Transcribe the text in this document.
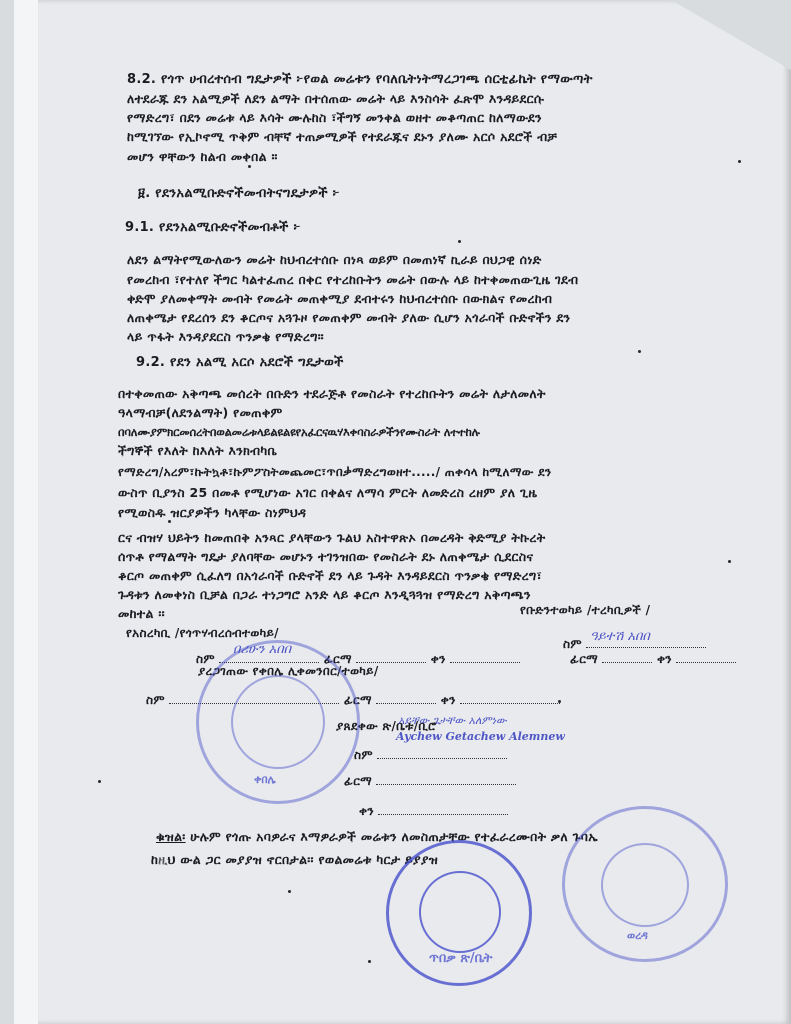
8.2. የጎጥ ሀብረተሰብ ግዴታዎች ፦የወል መሬቱን የባለቤትነትማረጋገጫ ሰርቲፊኬት የማውጣት
ለተደራጁ ደን አልሚዎች ለደን ልማት በተሰጠው መሬት ላይ እንስሳት ፈጽሞ እንዳይደርሱ
የማድረግ፣ በደን መሬቱ ላይ እሳት ሙሉከስ ፣ችግኝ መንቀል ወዘተ መቆጣጠር ከለማውደን
ከሚገኘው የኢኮኖሚ ጥቅም ብቸኛ ተጠቃሚዎች የተደራጁና ደኑን ያለሙ አርሶ አደሮች ብቻ
መሆን ዋቸውን ከልብ መቀበል ።
፱. የደንአልሚቡድኖችመብትናግዴታዎች ፦
9.1. የደንአልሚቡድኖችመብቶች ፦
ለደን ልማትየሚውለውን መሬት ከህብረተሰቡ በነጻ ወይም በመጠነኛ ኪራይ በህጋዊ ሰነድ
የመረከብ ፣የተለየ ችግር ካልተፈጠረ በቀር የተረከቡትን መሬት በውሉ ላይ ከተቀመጠውጊዜ ገደብ
ቀድሞ ያለመቀማት መብት የመሬት መጠቀሚያ ደብተሩን ከህብረተሰቡ በውክልና የመረከብ
ለጠቀሜታ የደረሰን ደን ቆርጦና አጓጉዞ የመጠቀም መብት ያለው ሲሆን አጎራባች ቡድኖችን ደን
ላይ ጥፋት እንዳያደርስ ጥንቃቄ የማድረግ።
9.2. የደን አልሚ አርሶ አደሮች ግዴታወች
በተቀመጠው አቅጣጫ መሰረት በቡድን ተደራጅቶ የመስራት የተረከቡትን መሬት ለታለመለት
ዓላማብቻ(ለደንልማት) የመጠቀም
በባለሙያምክርመሰረትበወልመሬቱላይልዩልዩየአፈርናዉሃእቀባስራዎችንየሙስራት ለተተከሉ
ችግኞች የእለት ከእለት እንክብካቤ
የማድረግ/አረም፣ኩትኳቶ፣ኩምፖስትመጨመር፣ጥበቃማድረግወዘተ...../ ጠቀሳላ ከሚለማው ደን
ውስጥ ቢያንስ 25 በመቶ የሚሆነው አገር በቀልና ለማሳ ምርት ለመድረስ ረዘም ያለ ጊዜ
የሚወስዱ ዝርያዎችን ካላቸው ስነምህዳ
ርና ብዝሃ ህይትን ከመጠበቅ አንጻር ያላቸውን ጉልህ አስተዋጽኦ በመረዳት ቅድሚያ ትኩረት
ሰጥቶ የማልማት ግዴታ ያለባቸው መሆኑን ተገንዝበው የመስራት ደኑ ለጠቀሜታ ሲደርስና
ቆርጦ መጠቀም ሲፈለግ በአጎራባች ቡድኖች ደን ላይ ጉዳት እንዳይደርስ ጥንቃቄ የማድረግ፣
ጉዳቱን ለመቀነስ ቢቻል በጋራ ተነጋግሮ አንድ ላይ ቆርጦ እንዲጓጓዝ የማድረግ አቅጣጫን
መከተል ፡፡
የአስረካቢ /የጎጥሃብረሰብተወካይ/
ስም	ፊርማ	ቀን
በሪሁን አበበ
ያረጋገጠው የቀበሌ ሊቀመንበር/ተወካይ/
ስም	ፊርማ	ቀን
የቡድንተወካይ /ተረካቢዎች /
ስም ዓይተሽ አበበ
ፊርማ	ቀን
ያጸደቀው ጽ/ቤቱ/ቢሮ
አይቸው ጌታቸው አለምነው
Aychew Getachew Alemnew
ስም
ፊርማ
ቀን
ቁዝል፡ ሁሉም የጎጡ አባዎራና እማዎራዎች መሬቱን ለመስጠታቸው የተፈራረሙበት ቃለ ጉባኤ
ከዚህ ውል ጋር መያያዝ ኖርበታል፡፡ የወልመሬቱ ካርታ ይያያዝ
ቀበሌ
ጥበቃ ጽ/ቤት
ወረዳ
